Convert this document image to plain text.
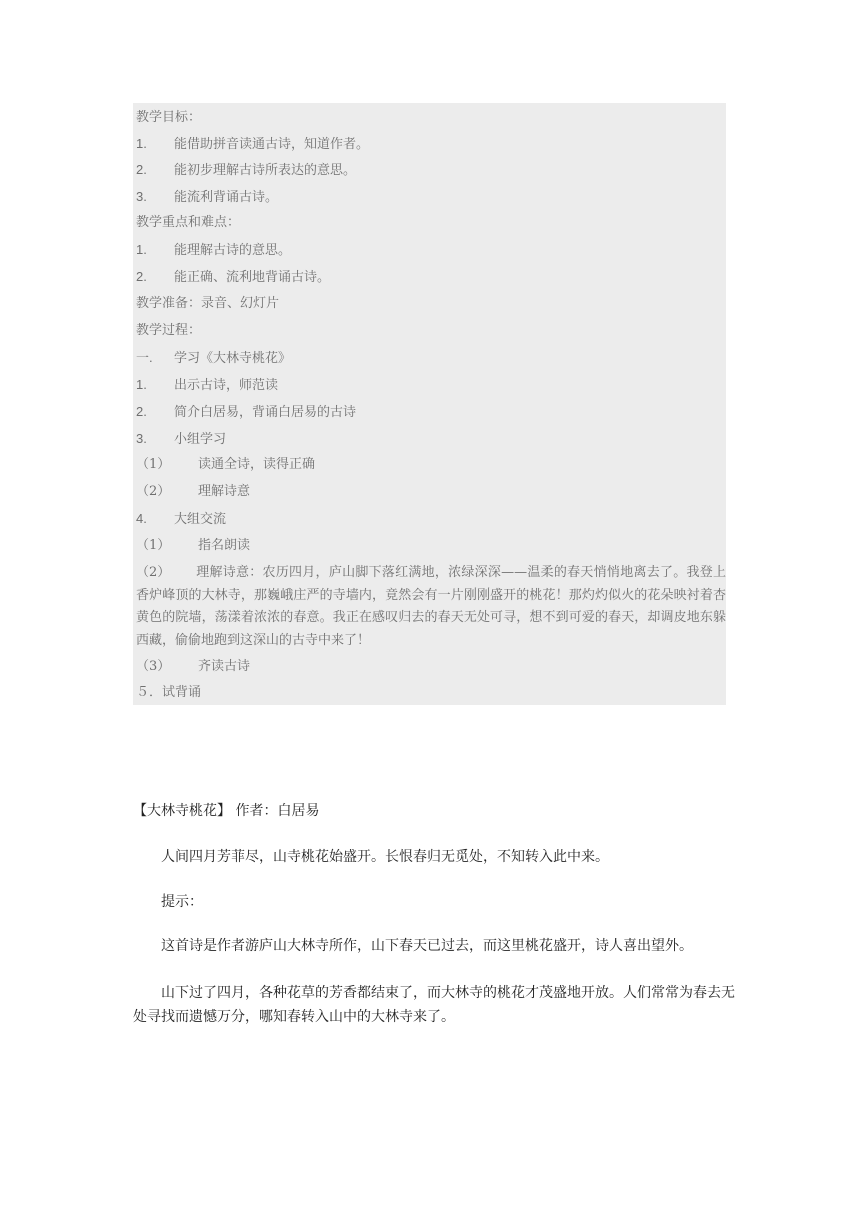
教学目标：
1. 能借助拼音读通古诗，知道作者。
2. 能初步理解古诗所表达的意思。
3. 能流利背诵古诗。
教学重点和难点：
1. 能理解古诗的意思。
2. 能正确、流利地背诵古诗。
教学准备：录音、幻灯片
教学过程：
一. 学习《大林寺桃花》
1. 出示古诗，师范读
2. 简介白居易，背诵白居易的古诗
3. 小组学习
（1） 读通全诗，读得正确
（2） 理解诗意
4. 大组交流
（1） 指名朗读
（2） 理解诗意：农历四月，庐山脚下落红满地，浓绿深深——温柔的春天悄悄地离去了。我登上香炉峰顶的大林寺，那巍峨庄严的寺墙内，竟然会有一片刚刚盛开的桃花！那灼灼似火的花朵映衬着杏黄色的院墙，荡漾着浓浓的春意。我正在感叹归去的春天无处可寻，想不到可爱的春天，却调皮地东躲西藏，偷偷地跑到这深山的古寺中来了！
（3） 齐读古诗
５．试背诵
【大林寺桃花】 作者：白居易
人间四月芳菲尽，山寺桃花始盛开。长恨春归无觅处，不知转入此中来。
提示：
这首诗是作者游庐山大林寺所作，山下春天已过去，而这里桃花盛开，诗人喜出望外。
山下过了四月，各种花草的芳香都结束了，而大林寺的桃花才茂盛地开放。人们常常为春去无处寻找而遗憾万分，哪知春转入山中的大林寺来了。
